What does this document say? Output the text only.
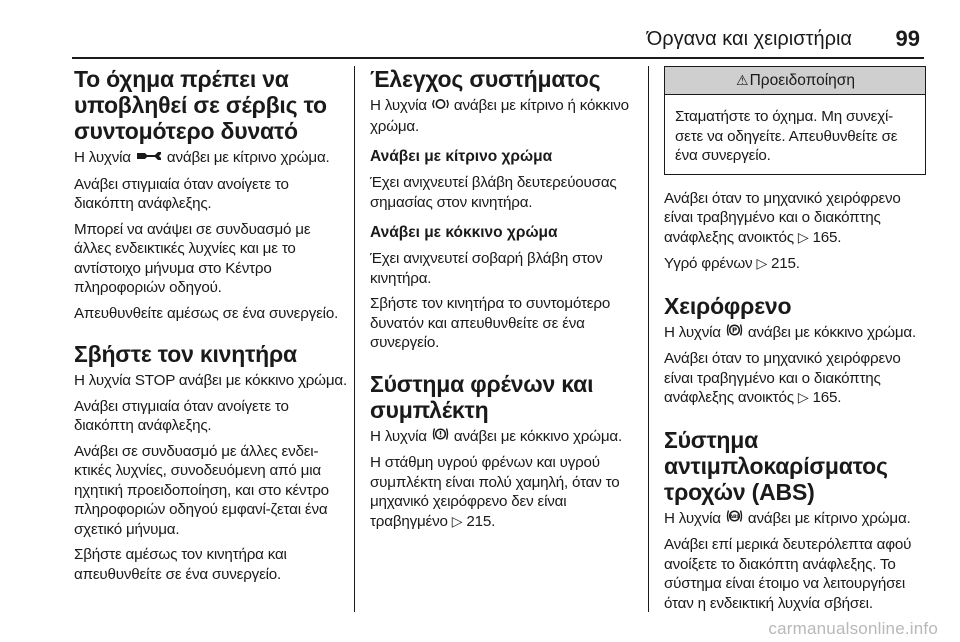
Όργανα και χειριστήρια 99
Το όχημα πρέπει να υποβληθεί σε σέρβις το συντομότερο δυνατό

Η λυχνία  ανάβει με κίτρινο χρώμα.

Ανάβει στιγμιαία όταν ανοίγετε το διακόπτη ανάφλεξης.

Μπορεί να ανάψει σε συνδυασμό με άλλες ενδεικτικές λυχνίες και με το αντίστοιχο μήνυμα στο Κέντρο πληροφοριών οδηγού.

Απευθυνθείτε αμέσως σε ένα συνεργείο.

Σβήστε τον κινητήρα

Η λυχνία STOP ανάβει με κόκκινο χρώμα.

Ανάβει στιγμιαία όταν ανοίγετε το διακόπτη ανάφλεξης.

Ανάβει σε συνδυασμό με άλλες ενδει-κτικές λυχνίες, συνοδευόμενη από μια ηχητική προειδοποίηση, και στο κέντρο πληροφοριών οδηγού εμφανί-ζεται ένα σχετικό μήνυμα.

Σβήστε αμέσως τον κινητήρα και απευθυνθείτε σε ένα συνεργείο.

Έλεγχος συστήματος

Η λυχνία  ανάβει με κίτρινο ή κόκκινο χρώμα.

Ανάβει με κίτρινο χρώμα

Έχει ανιχνευτεί βλάβη δευτερεύουσας σημασίας στον κινητήρα.

Ανάβει με κόκκινο χρώμα

Έχει ανιχνευτεί σοβαρή βλάβη στον κινητήρα.

Σβήστε τον κινητήρα το συντομότερο δυνατόν και απευθυνθείτε σε ένα συνεργείο.

Σύστημα φρένων και συμπλέκτη

Η λυχνία  ανάβει με κόκκινο χρώμα.

Η στάθμη υγρού φρένων και υγρού συμπλέκτη είναι πολύ χαμηλή, όταν το μηχανικό χειρόφρενο δεν είναι τραβηγμένο ▷ 215.

⚠Προειδοποίηση

Σταματήστε το όχημα. Μη συνεχί-σετε να οδηγείτε. Απευθυνθείτε σε ένα συνεργείο.

Ανάβει όταν το μηχανικό χειρόφρενο είναι τραβηγμένο και ο διακόπτης ανάφλεξης ανοικτός ▷ 165.

Υγρό φρένων ▷ 215.

Χειρόφρενο

Η λυχνία P ανάβει με κόκκινο χρώμα.

Ανάβει όταν το μηχανικό χειρόφρενο είναι τραβηγμένο και ο διακόπτης ανάφλεξης ανοικτός ▷ 165.

Σύστημα αντιμπλοκαρίσματος τροχών (ABS)

Η λυχνία ABS ανάβει με κίτρινο χρώμα.

Ανάβει επί μερικά δευτερόλεπτα αφού ανοίξετε το διακόπτη ανάφλεξης. Το σύστημα είναι έτοιμο να λειτουργήσει όταν η ενδεικτική λυχνία σβήσει.

carmanualsonline.info
